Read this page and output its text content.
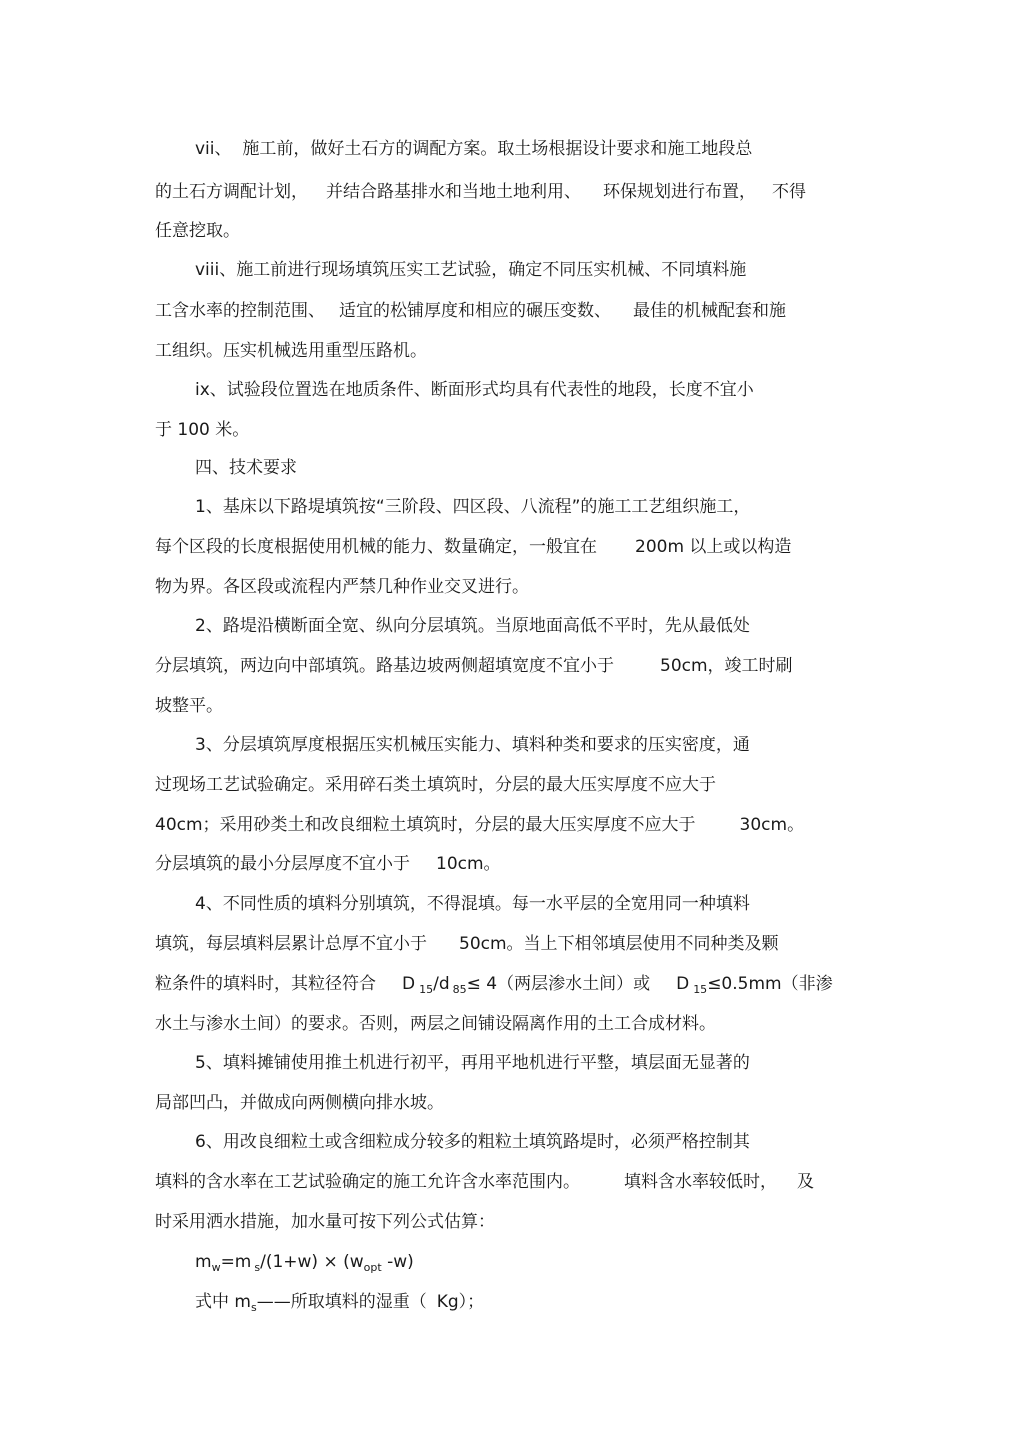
vii、  施工前，做好土石方的调配方案。取土场根据设计要求和施工地段总
的土石方调配计划， 并结合路基排水和当地土地利用、 环保规划进行布置， 不得
任意挖取。
viii、施工前进行现场填筑压实工艺试验，确定不同压实机械、不同填料施
工含水率的控制范围、 适宜的松铺厚度和相应的碾压变数、 最佳的机械配套和施
工组织。压实机械选用重型压路机。
ix、试验段位置选在地质条件、断面形式均具有代表性的地段，长度不宜小
于 100 米。
四、技术要求
1、基床以下路堤填筑按“三阶段、四区段、八流程”的施工工艺组织施工，
每个区段的长度根据使用机械的能力、数量确定，一般宜在 200m 以上或以构造
物为界。各区段或流程内严禁几种作业交叉进行。
2、路堤沿横断面全宽、纵向分层填筑。当原地面高低不平时，先从最低处
分层填筑，两边向中部填筑。路基边坡两侧超填宽度不宜小于	50cm，竣工时刷
坡整平。
3、分层填筑厚度根据压实机械压实能力、填料种类和要求的压实密度，通
过现场工艺试验确定。采用碎石类土填筑时，分层的最大压实厚度不应大于
40cm；采用砂类土和改良细粒土填筑时，分层的最大压实厚度不应大于	30cm。
分层填筑的最小分层厚度不宜小于 10cm。
4、不同性质的填料分别填筑，不得混填。每一水平层的全宽用同一种填料
填筑，每层填料层累计总厚不宜小于 50cm。当上下相邻填层使用不同种类及颗
粒条件的填料时，其粒径符合 D $_{15}$/d $_{85}$≤ 4（两层渗水土间）或 D $_{15}$≤0.5mm（非渗
水土与渗水土间）的要求。否则，两层之间铺设隔离作用的土工合成材料。
5、填料摊铺使用推土机进行初平，再用平地机进行平整，填层面无显著的
局部凹凸，并做成向两侧横向排水坡。
6、用改良细粒土或含细粒成分较多的粗粒土填筑路堤时，必须严格控制其
填料的含水率在工艺试验确定的施工允许含水率范围内。	填料含水率较低时， 及
时采用洒水措施，加水量可按下列公式估算：
$m_w=m$ $_s/(1+w) \times (w_{opt}$ -w)
式中 $m_s——$所取填料的湿重（ Kg）；
